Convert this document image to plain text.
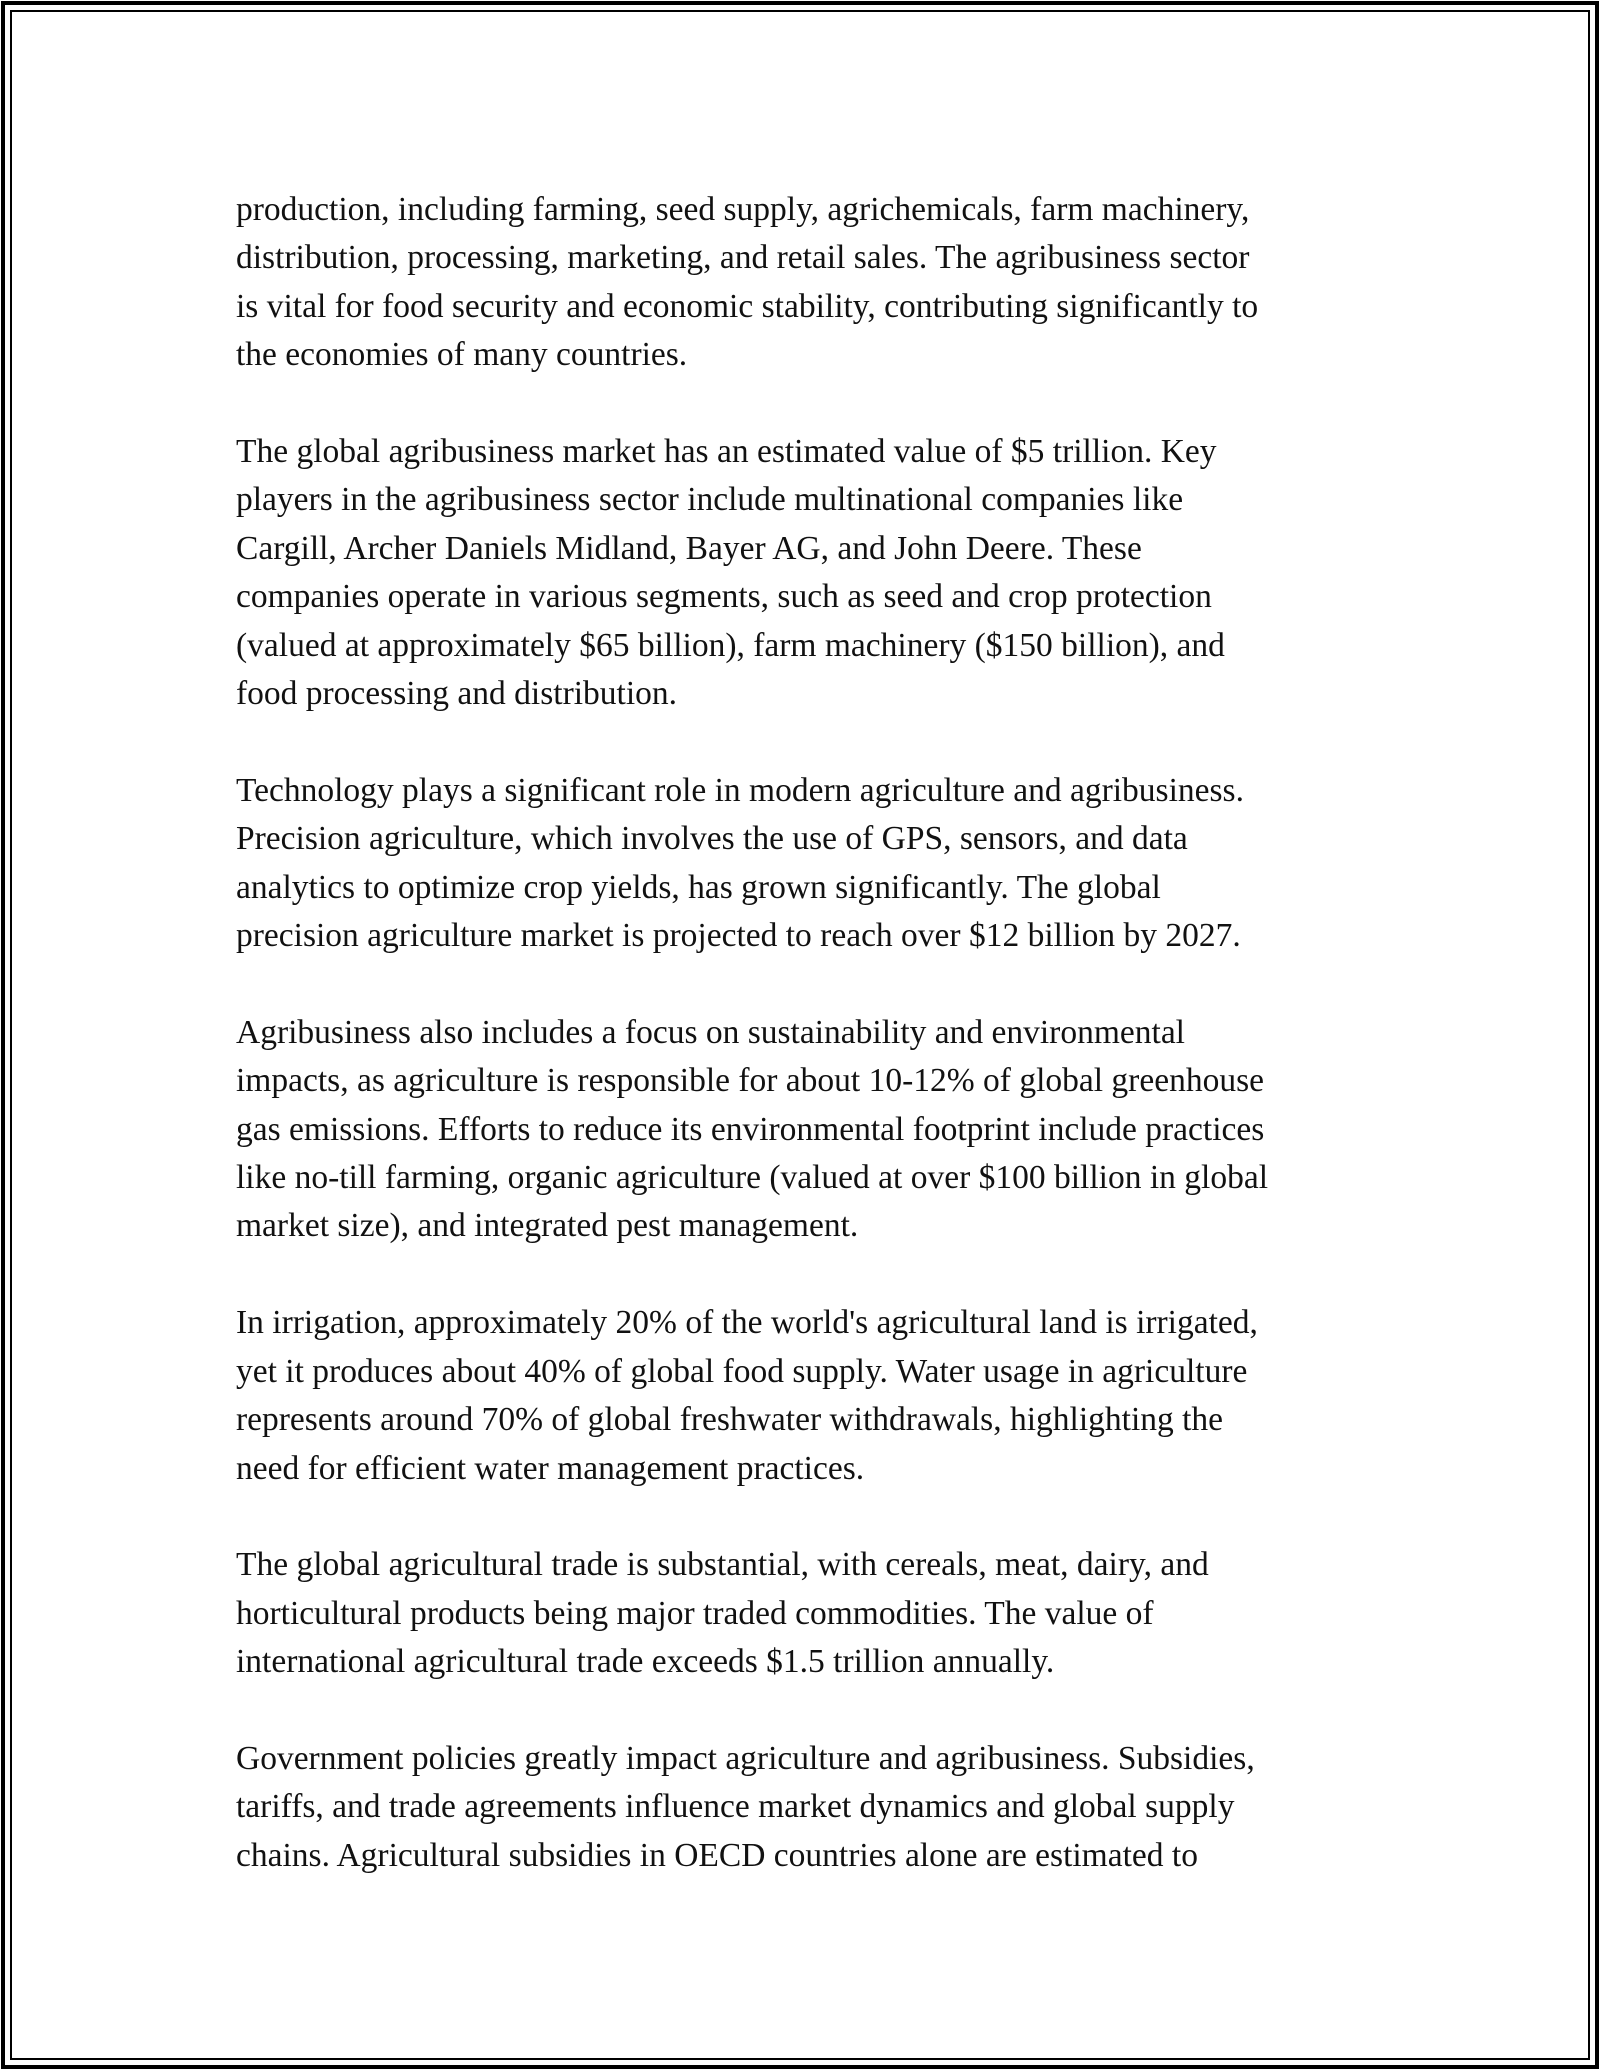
production, including farming, seed supply, agrichemicals, farm machinery,
distribution, processing, marketing, and retail sales. The agribusiness sector
is vital for food security and economic stability, contributing significantly to
the economies of many countries.

The global agribusiness market has an estimated value of $5 trillion. Key
players in the agribusiness sector include multinational companies like
Cargill, Archer Daniels Midland, Bayer AG, and John Deere. These
companies operate in various segments, such as seed and crop protection
(valued at approximately $65 billion), farm machinery ($150 billion), and
food processing and distribution.

Technology plays a significant role in modern agriculture and agribusiness.
Precision agriculture, which involves the use of GPS, sensors, and data
analytics to optimize crop yields, has grown significantly. The global
precision agriculture market is projected to reach over $12 billion by 2027.

Agribusiness also includes a focus on sustainability and environmental
impacts, as agriculture is responsible for about 10-12% of global greenhouse
gas emissions. Efforts to reduce its environmental footprint include practices
like no-till farming, organic agriculture (valued at over $100 billion in global
market size), and integrated pest management.

In irrigation, approximately 20% of the world's agricultural land is irrigated,
yet it produces about 40% of global food supply. Water usage in agriculture
represents around 70% of global freshwater withdrawals, highlighting the
need for efficient water management practices.

The global agricultural trade is substantial, with cereals, meat, dairy, and
horticultural products being major traded commodities. The value of
international agricultural trade exceeds $1.5 trillion annually.

Government policies greatly impact agriculture and agribusiness. Subsidies,
tariffs, and trade agreements influence market dynamics and global supply
chains. Agricultural subsidies in OECD countries alone are estimated to
